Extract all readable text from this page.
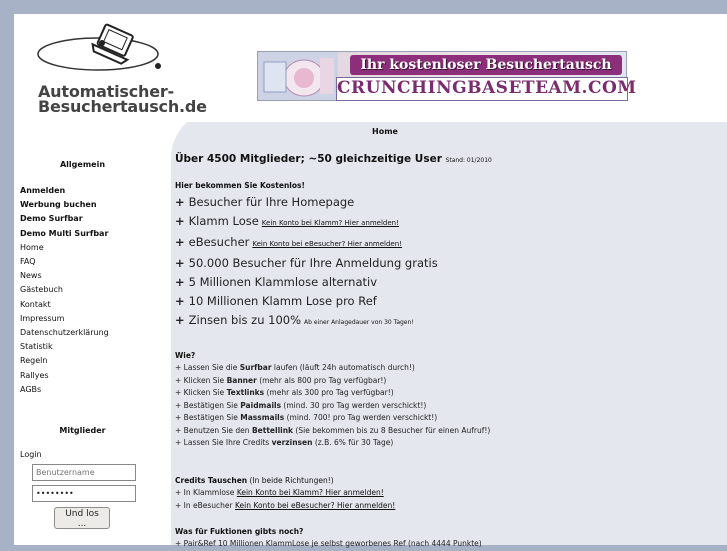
Automatischer-
Besuchertausch.de
Ihr kostenloser Besuchertausch
CRUNCHINGBASETEAM.COM
Allgemein
Anmelden
Werbung buchen
Demo Surfbar
Demo Multi Surfbar
Home
FAQ
News
Gästebuch
Kontakt
Impressum
Datenschutzerklärung
Statistik
Regeln
Rallyes
AGBs
Mitglieder
Login
Benutzername
••••••••
Und los ...
Home
Über 4500 Mitglieder; ~50 gleichzeitige User Stand: 01/2010
Hier bekommen Sie Kostenlos!
+ Besucher für Ihre Homepage
+ Klamm Lose Kein Konto bei Klamm? Hier anmelden!
+ eBesucher Kein Konto bei eBesucher? Hier anmelden!
+ 50.000 Besucher für Ihre Anmeldung gratis
+ 5 Millionen Klammlose alternativ
+ 10 Millionen Klamm Lose pro Ref
+ Zinsen bis zu 100% Ab einer Anlagedauer von 30 Tagen!
Wie?
+ Lassen Sie die Surfbar laufen (läuft 24h automatisch durch!)
+ Klicken Sie Banner (mehr als 800 pro Tag verfügbar!)
+ Klicken Sie Textlinks (mehr als 300 pro Tag verfügbar!)
+ Bestätigen Sie Paidmails (mind. 30 pro Tag werden verschickt!)
+ Bestätigen Sie Massmails (mind. 700! pro Tag werden verschickt!)
+ Benutzen Sie den Bettellink (Sie bekommen bis zu 8 Besucher für einen Aufruf!)
+ Lassen Sie Ihre Credits verzinsen (z.B. 6% für 30 Tage)
Credits Tauschen (In beide Richtungen!)
+ In Klammlose Kein Konto bei Klamm? Hier anmelden!
+ In eBesucher Kein Konto bei eBesucher? Hier anmelden!
Was für Fuktionen gibts noch?
+ Pair&Ref 10 Millionen KlammLose je selbst geworbenes Ref (nach 4444 Punkte)
